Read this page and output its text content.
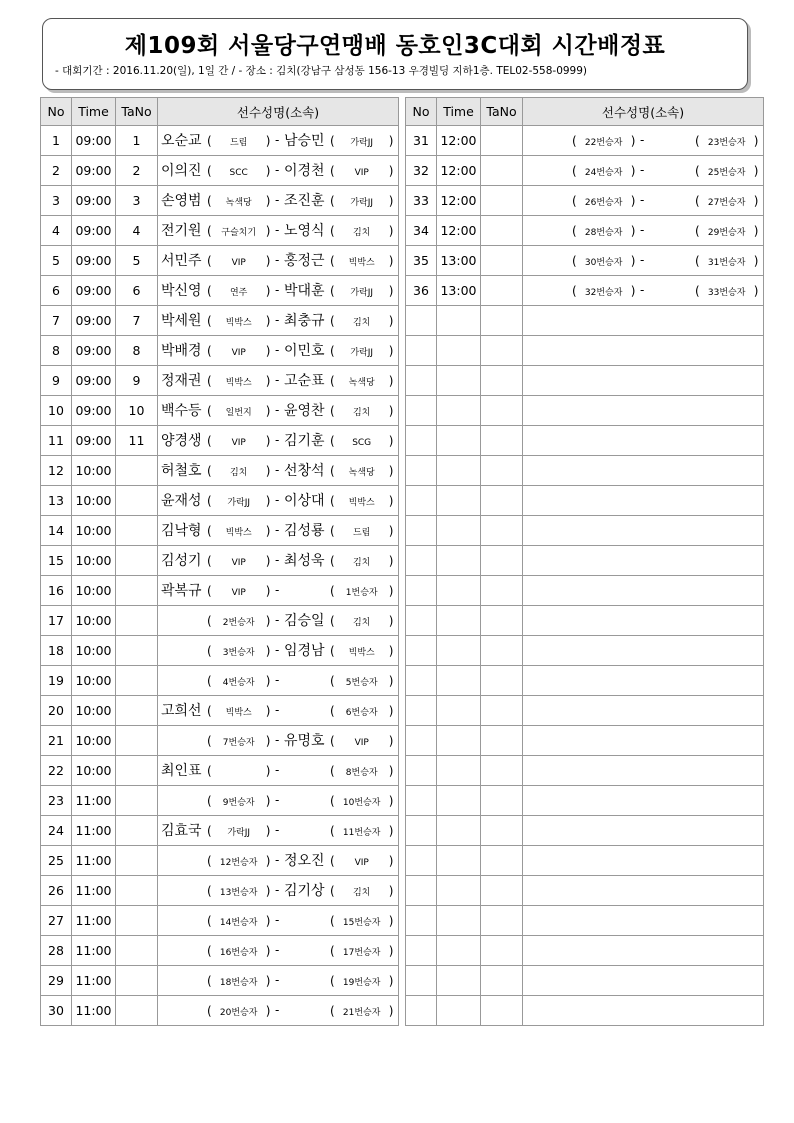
제109회 서울당구연맹배 동호인3C대회 시간배정표
- 대회기간 : 2016.11.20(일), 1일 간 / - 장소 : 김치(강남구 삼성동 156-13 우경빌딩 지하1층. TEL02-558-0999)
No	Time	TaNo	선수성명(소속)
1	09:00	1	오순교 ( 드림 ) - 남승민 ( 가락JJ )

2	09:00	2	이의진 ( SCC ) - 이경천 ( VIP )

3	09:00	3	손영범 ( 녹색당 ) - 조진훈 ( 가락JJ )

4	09:00	4	전기원 ( 구슬치기 ) - 노영식 ( 김치 )

5	09:00	5	서민주 ( VIP ) - 홍정근 ( 빅박스 )

6	09:00	6	박신영 ( 연주 ) - 박대훈 ( 가락JJ )

7	09:00	7	박세원 ( 빅박스 ) - 최충규 ( 김치 )

8	09:00	8	박배경 ( VIP ) - 이민호 ( 가락JJ )

9	09:00	9	정재권 ( 빅박스 ) - 고순표 ( 녹색당 )

10	09:00	10	백수등 ( 일번지 ) - 윤영찬 ( 김치 )

11	09:00	11	양경생 ( VIP ) - 김기훈 ( SCG )

12	10:00		허철호 ( 김치 ) - 선창석 ( 녹색당 )

13	10:00		윤재성 ( 가락JJ ) - 이상대 ( 빅박스 )

14	10:00		김낙형 ( 빅박스 ) - 김성룡 ( 드림 )

15	10:00		김성기 ( VIP ) - 최성욱 ( 김치 )

16	10:00		곽복규 ( VIP ) - ( 1번승자 )

17	10:00		( 2번승자 ) - 김승일 ( 김치 )

18	10:00		( 3번승자 ) - 임경남 ( 빅박스 )

19	10:00		( 4번승자 ) - ( 5번승자 )

20	10:00		고희선 ( 빅박스 ) - ( 6번승자 )

21	10:00		( 7번승자 ) - 유명호 ( VIP )

22	10:00		최인표 ( ) - ( 8번승자 )

23	11:00		( 9번승자 ) - ( 10번승자 )

24	11:00		김효국 ( 가락JJ ) - ( 11번승자 )

25	11:00		( 12번승자 ) - 정오진 ( VIP )

26	11:00		( 13번승자 ) - 김기상 ( 김치 )

27	11:00		( 14번승자 ) - ( 15번승자 )

28	11:00		( 16번승자 ) - ( 17번승자 )

29	11:00		( 18번승자 ) - ( 19번승자 )

30	11:00		( 20번승자 ) - ( 21번승자 )
No	Time	TaNo	선수성명(소속)
31	12:00		( 22번승자 ) - ( 23번승자 )

32	12:00		( 24번승자 ) - ( 25번승자 )

33	12:00		( 26번승자 ) - ( 27번승자 )

34	12:00		( 28번승자 ) - ( 29번승자 )

35	13:00		( 30번승자 ) - ( 31번승자 )

36	13:00		( 32번승자 ) - ( 33번승자 )
